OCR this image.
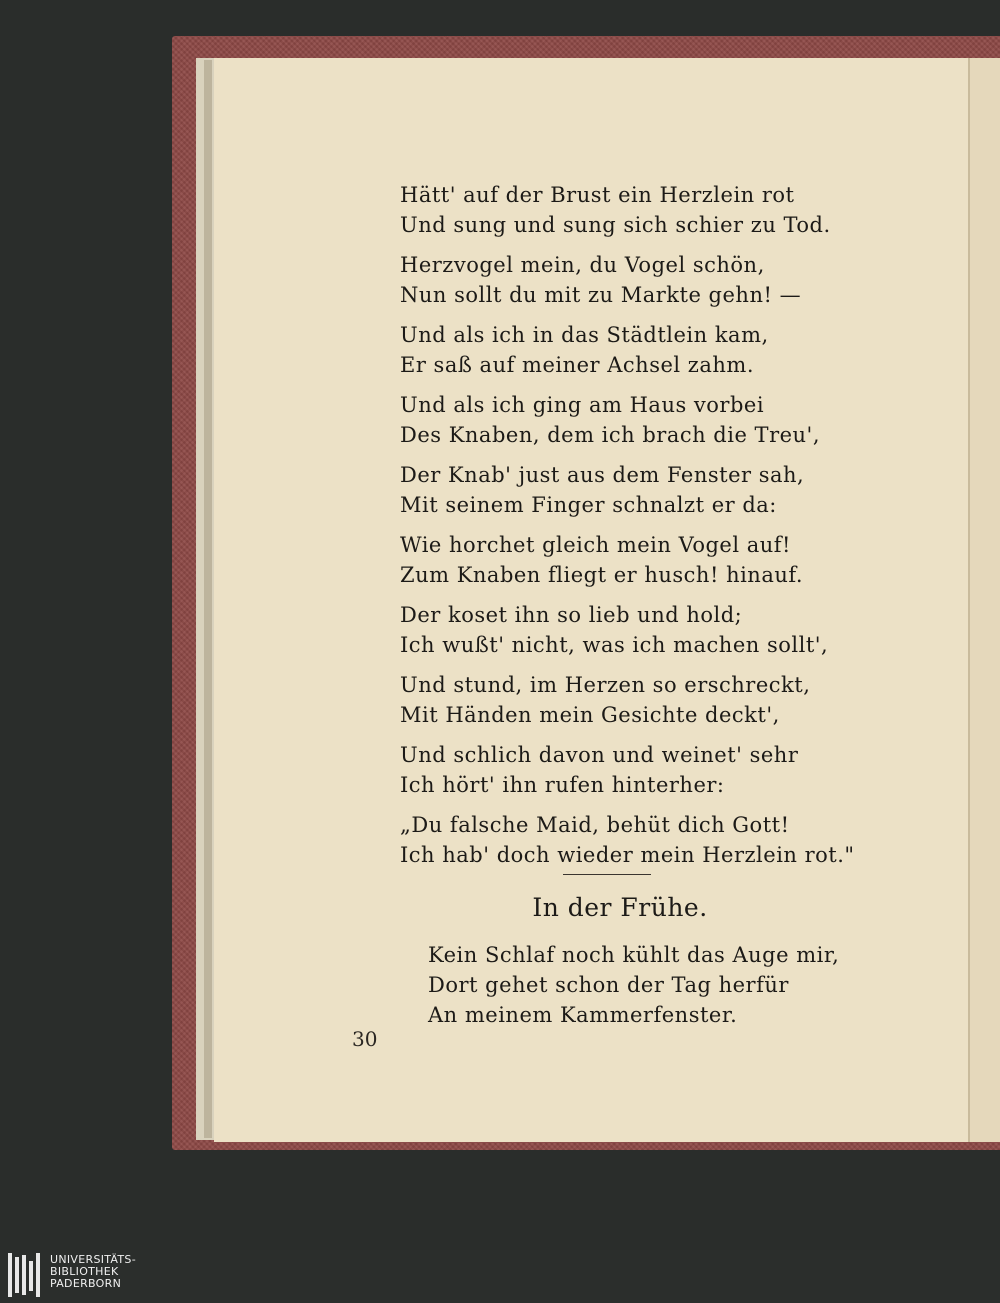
Hätt' auf der Brust ein Herzlein rot
Und sung und sung sich schier zu Tod.
Herzvogel mein, du Vogel schön,
Nun sollt du mit zu Markte gehn! —
Und als ich in das Städtlein kam,
Er saß auf meiner Achsel zahm.
Und als ich ging am Haus vorbei
Des Knaben, dem ich brach die Treu',
Der Knab' just aus dem Fenster sah,
Mit seinem Finger schnalzt er da:
Wie horchet gleich mein Vogel auf!
Zum Knaben fliegt er husch! hinauf.
Der koset ihn so lieb und hold;
Ich wußt' nicht, was ich machen sollt',
Und stund, im Herzen so erschreckt,
Mit Händen mein Gesichte deckt',
Und schlich davon und weinet' sehr
Ich hört' ihn rufen hinterher:
„Du falsche Maid, behüt dich Gott!
Ich hab' doch wieder mein Herzlein rot."
In der Frühe.
Kein Schlaf noch kühlt das Auge mir,
Dort gehet schon der Tag herfür
An meinem Kammerfenster.
30
UNIVERSITÄTS-
BIBLIOTHEK
PADERBORN
